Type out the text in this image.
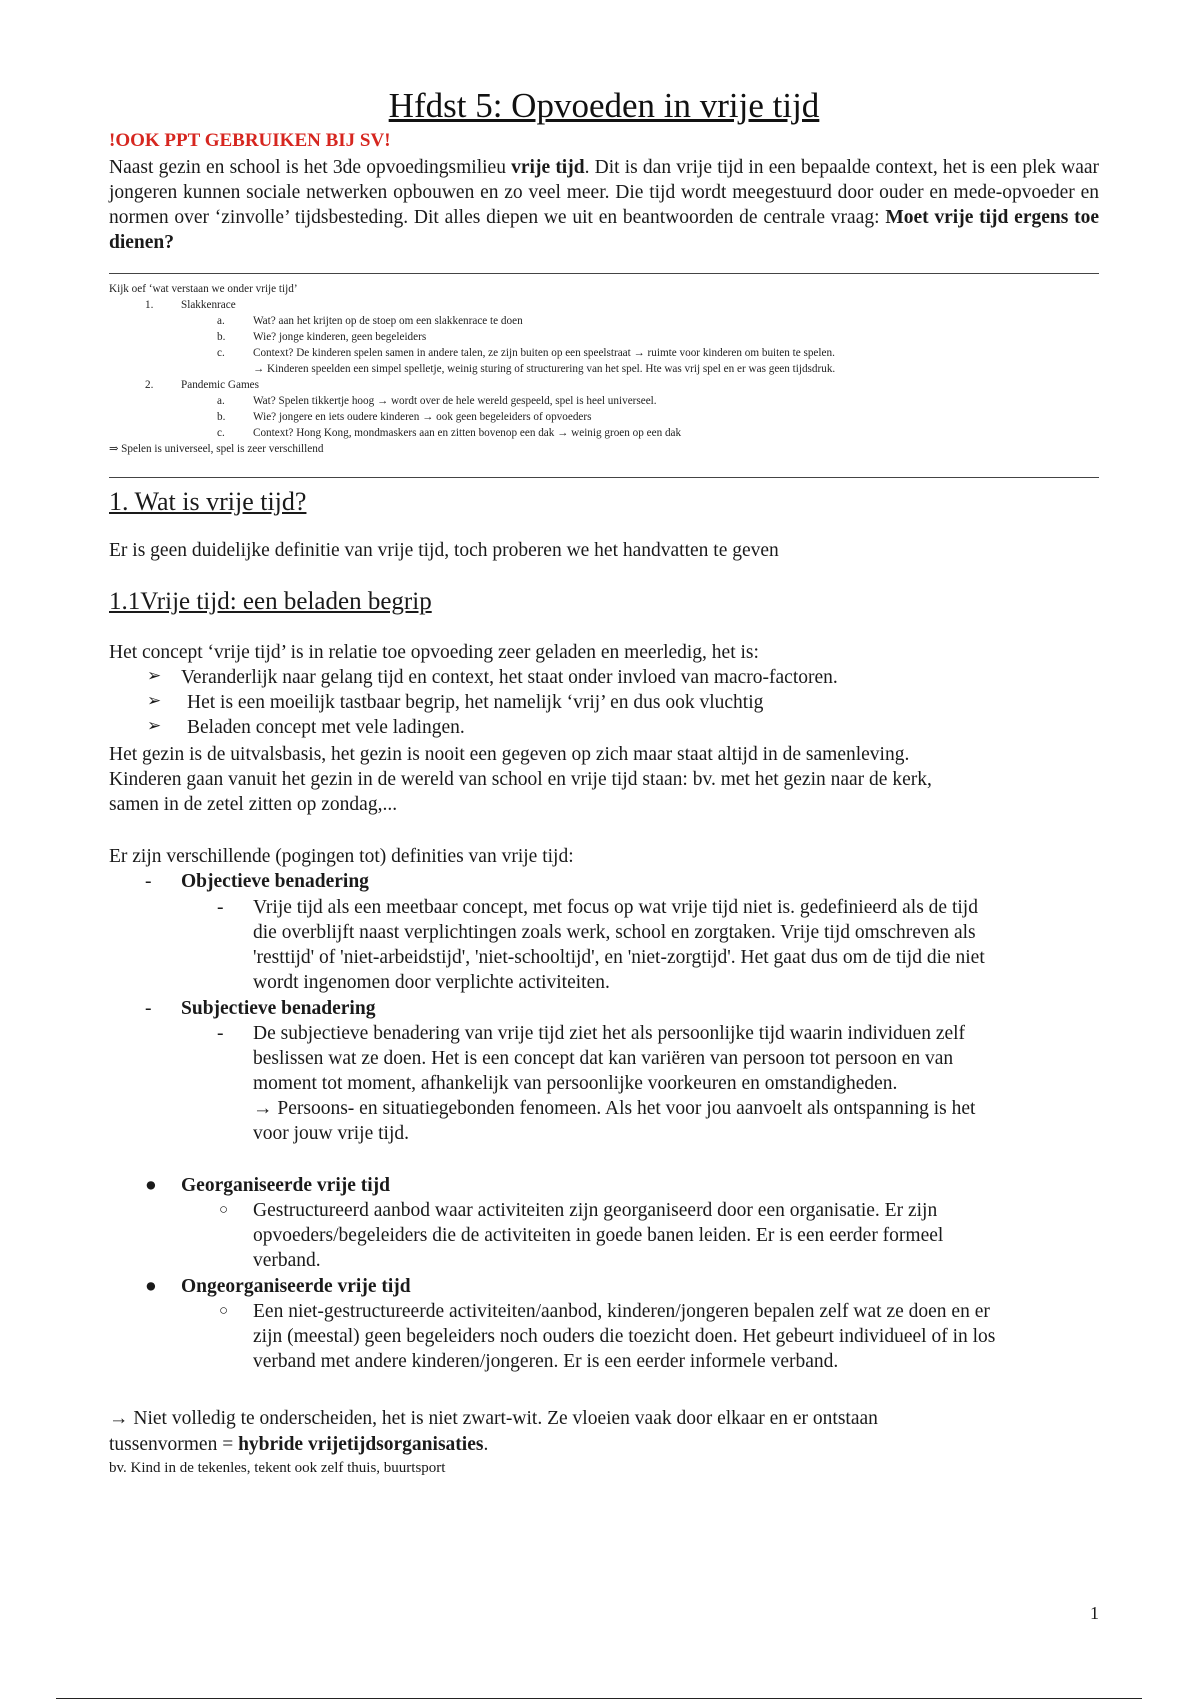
Hfdst 5: Opvoeden in vrije tijd
!OOK PPT GEBRUIKEN BIJ SV!

Naast gezin en school is het 3de opvoedingsmilieu vrije tijd. Dit is dan vrije tijd in een bepaalde context, het is een plek waar jongeren kunnen sociale netwerken opbouwen en zo veel meer. Die tijd wordt meegestuurd door ouder en mede-opvoeder en normen over ‘zinvolle’ tijdsbesteding. Dit alles diepen we uit en beantwoorden de centrale vraag: Moet vrije tijd ergens toe dienen?

Kijk oef ‘wat verstaan we onder vrije tijd’
1. Slakkenrace
a.	Wat? aan het krijten op de stoep om een slakkenrace te doen
b. Wie? jonge kinderen, geen begeleiders
c.	Context? De kinderen spelen samen in andere talen, ze zijn buiten op een speelstraat → ruimte voor kinderen om buiten te spelen.
→ Kinderen speelden een simpel spelletje, weinig sturing of structurering van het spel. Hte was vrij spel en er was geen tijdsdruk.
2. Pandemic Games
a.	Wat? Spelen tikkertje hoog → wordt over de hele wereld gespeeld, spel is heel universeel.
b. Wie? jongere en iets oudere kinderen → ook geen begeleiders of opvoeders
c.	Context? Hong Kong, mondmaskers aan en zitten bovenop een dak → weinig groen op een dak
⇒ Spelen is universeel, spel is zeer verschillend
1. Wat is vrije tijd?
Er is geen duidelijke definitie van vrije tijd, toch proberen we het handvatten te geven
1.1Vrije tijd: een beladen begrip
Het concept ‘vrije tijd’ is in relatie toe opvoeding zeer geladen en meerledig, het is:
➢ Veranderlijk naar gelang tijd en context, het staat onder invloed van macro-factoren.
➢ Het is een moeilijk tastbaar begrip, het namelijk ‘vrij’ en dus ook vluchtig
➢ Beladen concept met vele ladingen.
Het gezin is de uitvalsbasis, het gezin is nooit een gegeven op zich maar staat altijd in de samenleving.
Kinderen gaan vanuit het gezin in de wereld van school en vrije tijd staan: bv. met het gezin naar de kerk,
samen in de zetel zitten op zondag,...
Er zijn verschillende (pogingen tot) definities van vrije tijd:
- Objectieve benadering
- Vrije tijd als een meetbaar concept, met focus op wat vrije tijd niet is. gedefinieerd als de tijd
die overblijft naast verplichtingen zoals werk, school en zorgtaken. Vrije tijd omschreven als
'resttijd' of 'niet-arbeidstijd', 'niet-schooltijd', en 'niet-zorgtijd'. Het gaat dus om de tijd die niet
wordt ingenomen door verplichte activiteiten.
- Subjectieve benadering
- De subjectieve benadering van vrije tijd ziet het als persoonlijke tijd waarin individuen zelf
beslissen wat ze doen. Het is een concept dat kan variëren van persoon tot persoon en van
moment tot moment, afhankelijk van persoonlijke voorkeuren en omstandigheden.
→ Persoons- en situatiegebonden fenomeen. Als het voor jou aanvoelt als ontspanning is het
voor jouw vrije tijd.
● Georganiseerde vrije tijd
○ Gestructureerd aanbod waar activiteiten zijn georganiseerd door een organisatie. Er zijn
opvoeders/begeleiders die de activiteiten in goede banen leiden. Er is een eerder formeel
verband.
● Ongeorganiseerde vrije tijd
○ Een niet-gestructureerde activiteiten/aanbod, kinderen/jongeren bepalen zelf wat ze doen en er
zijn (meestal) geen begeleiders noch ouders die toezicht doen. Het gebeurt individueel of in los
verband met andere kinderen/jongeren. Er is een eerder informele verband.
→ Niet volledig te onderscheiden, het is niet zwart-wit. Ze vloeien vaak door elkaar en er ontstaan
tussenvormen = hybride vrijetijdsorganisaties.
bv. Kind in de tekenles, tekent ook zelf thuis, buurtsport
1
